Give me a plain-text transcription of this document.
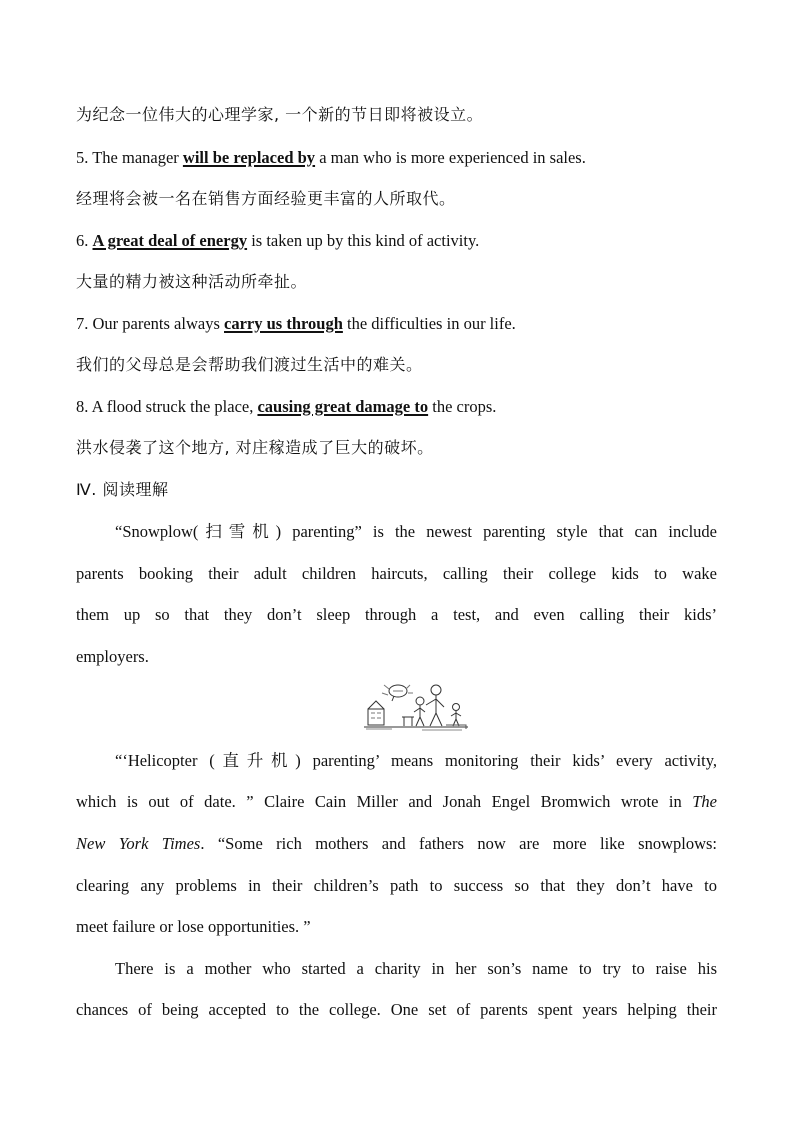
为纪念一位伟大的心理学家, 一个新的节日即将被设立。
5. The manager will be replaced by a man who is more experienced in sales.
经理将会被一名在销售方面经验更丰富的人所取代。
6. A great deal of energy is taken up by this kind of activity.
大量的精力被这种活动所牵扯。
7. Our parents always carry us through the difficulties in our life.
我们的父母总是会帮助我们渡过生活中的难关。
8. A flood struck the place, causing great damage to the crops.
洪水侵袭了这个地方, 对庄稼造成了巨大的破坏。
Ⅳ. 阅读理解
“Snowplow(扫雪机) parenting” is the newest parenting style that can include
parents booking their adult children haircuts, calling their college kids to wake
them up so that they don’t sleep through a test, and even calling their kids’
employers.
“‘Helicopter (直升机) parenting’ means monitoring their kids’ every activity,
which is out of date. ” Claire Cain Miller and Jonah Engel Bromwich wrote in The
New York Times. “Some rich mothers and fathers now are more like snowplows:
clearing any problems in their children’s path to success so that they don’t have to
meet failure or lose opportunities. ”
There is a mother who started a charity in her son’s name to try to raise his
chances of being accepted to the college. One set of parents spent years helping their
